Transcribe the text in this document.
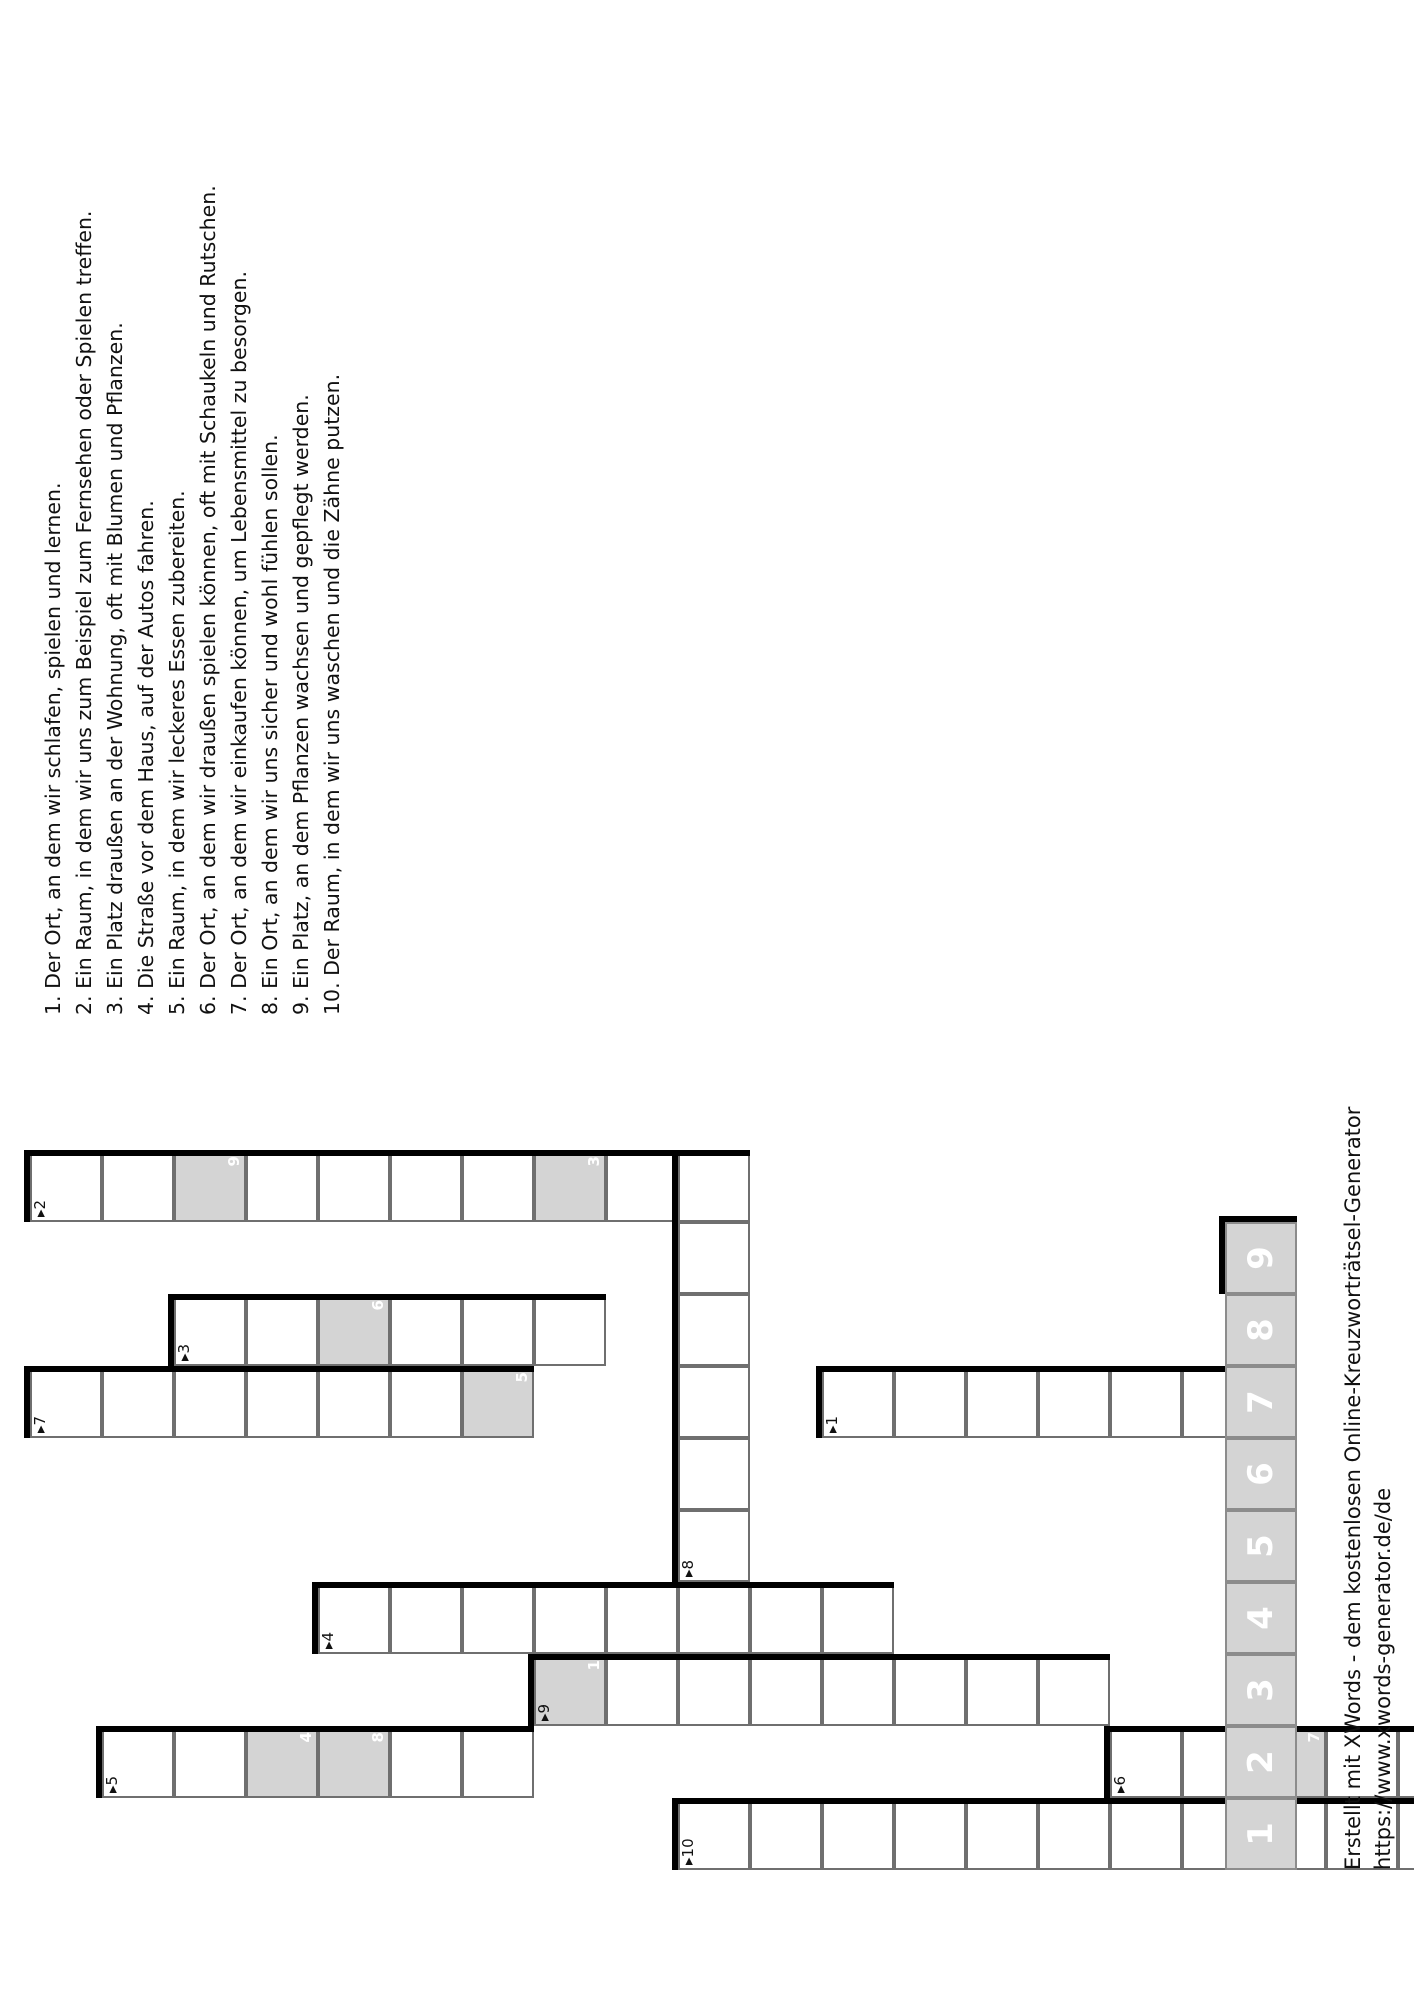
▸1
▸2
9	3
▸3
6
▸4
▸5
4	8
▸6
7
▸7
5
▸8
1
▸9
▸10
1
2
3
4
5
6
7
8
9
1. Der Ort, an dem wir schlafen, spielen und lernen.
2. Ein Raum, in dem wir uns zum Beispiel zum Fernsehen oder Spielen treffen.
3. Ein Platz draußen an der Wohnung, oft mit Blumen und Pflanzen.
4. Die Straße vor dem Haus, auf der Autos fahren.
5. Ein Raum, in dem wir leckeres Essen zubereiten.
6. Der Ort, an dem wir draußen spielen können, oft mit Schaukeln und Rutschen.
7. Der Ort, an dem wir einkaufen können, um Lebensmittel zu besorgen.
8. Ein Ort, an dem wir uns sicher und wohl fühlen sollen.
9. Ein Platz, an dem Pflanzen wachsen und gepflegt werden.
10. Der Raum, in dem wir uns waschen und die Zähne putzen.
Erstellt mit XWords - dem kostenlosen Online-Kreuzworträtsel-Generator https://www.xwords-generator.de/de
